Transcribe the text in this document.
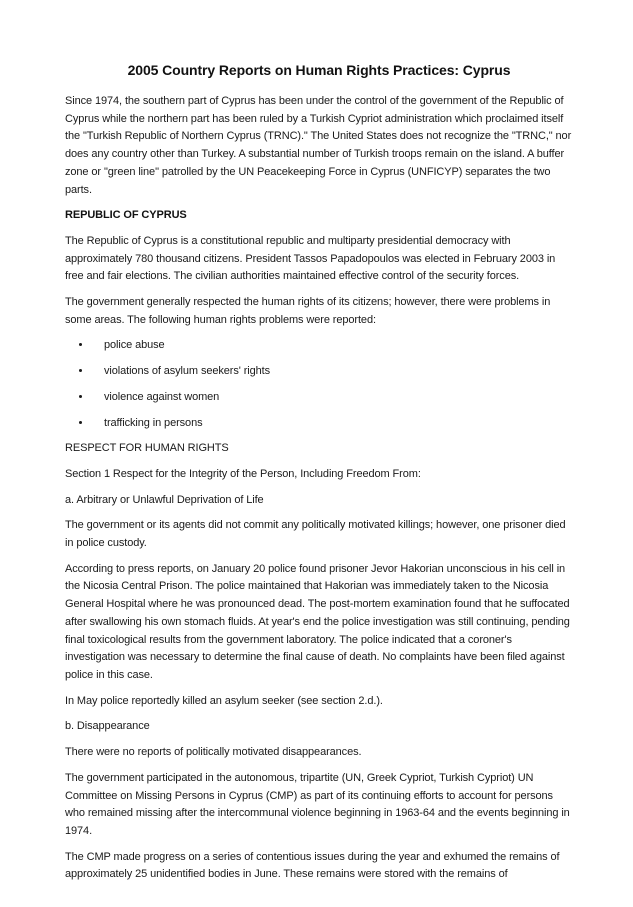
2005 Country Reports on Human Rights Practices: Cyprus

Since 1974, the southern part of Cyprus has been under the control of the government of the Republic of Cyprus while the northern part has been ruled by a Turkish Cypriot administration which proclaimed itself the "Turkish Republic of Northern Cyprus (TRNC)." The United States does not recognize the "TRNC," nor does any country other than Turkey. A substantial number of Turkish troops remain on the island. A buffer zone or "green line" patrolled by the UN Peacekeeping Force in Cyprus (UNFICYP) separates the two parts.

REPUBLIC OF CYPRUS

The Republic of Cyprus is a constitutional republic and multiparty presidential democracy with approximately 780 thousand citizens. President Tassos Papadopoulos was elected in February 2003 in free and fair elections. The civilian authorities maintained effective control of the security forces.

The government generally respected the human rights of its citizens; however, there were problems in some areas. The following human rights problems were reported:

• police abuse
• violations of asylum seekers' rights
• violence against women
• trafficking in persons

RESPECT FOR HUMAN RIGHTS

Section 1 Respect for the Integrity of the Person, Including Freedom From:

a. Arbitrary or Unlawful Deprivation of Life

The government or its agents did not commit any politically motivated killings; however, one prisoner died in police custody.

According to press reports, on January 20 police found prisoner Jevor Hakorian unconscious in his cell in the Nicosia Central Prison. The police maintained that Hakorian was immediately taken to the Nicosia General Hospital where he was pronounced dead. The post-mortem examination found that he suffocated after swallowing his own stomach fluids. At year's end the police investigation was still continuing, pending final toxicological results from the government laboratory. The police indicated that a coroner's investigation was necessary to determine the final cause of death. No complaints have been filed against police in this case.

In May police reportedly killed an asylum seeker (see section 2.d.).

b. Disappearance

There were no reports of politically motivated disappearances.

The government participated in the autonomous, tripartite (UN, Greek Cypriot, Turkish Cypriot) UN Committee on Missing Persons in Cyprus (CMP) as part of its continuing efforts to account for persons who remained missing after the intercommunal violence beginning in 1963-64 and the events beginning in 1974.

The CMP made progress on a series of contentious issues during the year and exhumed the remains of approximately 25 unidentified bodies in June. These remains were stored with the remains of
